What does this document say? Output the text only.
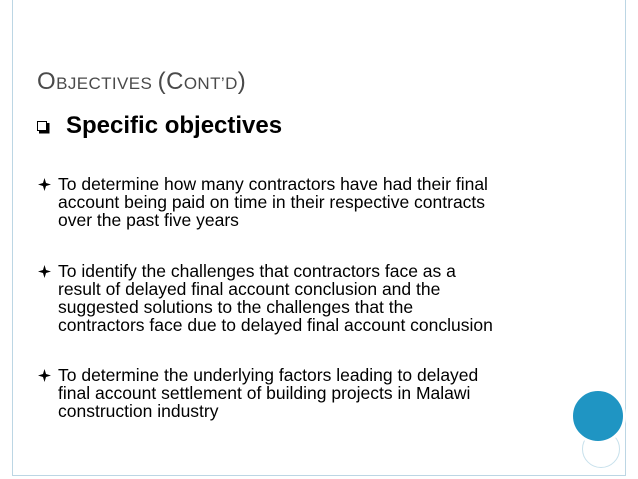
OBJECTIVES (CONT’D)
Specific objectives
To determine how many contractors have had their final
account being paid on time in their respective contracts
over the past five years
To identify the challenges that contractors face as a
result of delayed final account conclusion and the
suggested solutions to the challenges that the
contractors face due to delayed final account conclusion
To determine the underlying factors leading to delayed
final account settlement of building projects in Malawi
construction industry
